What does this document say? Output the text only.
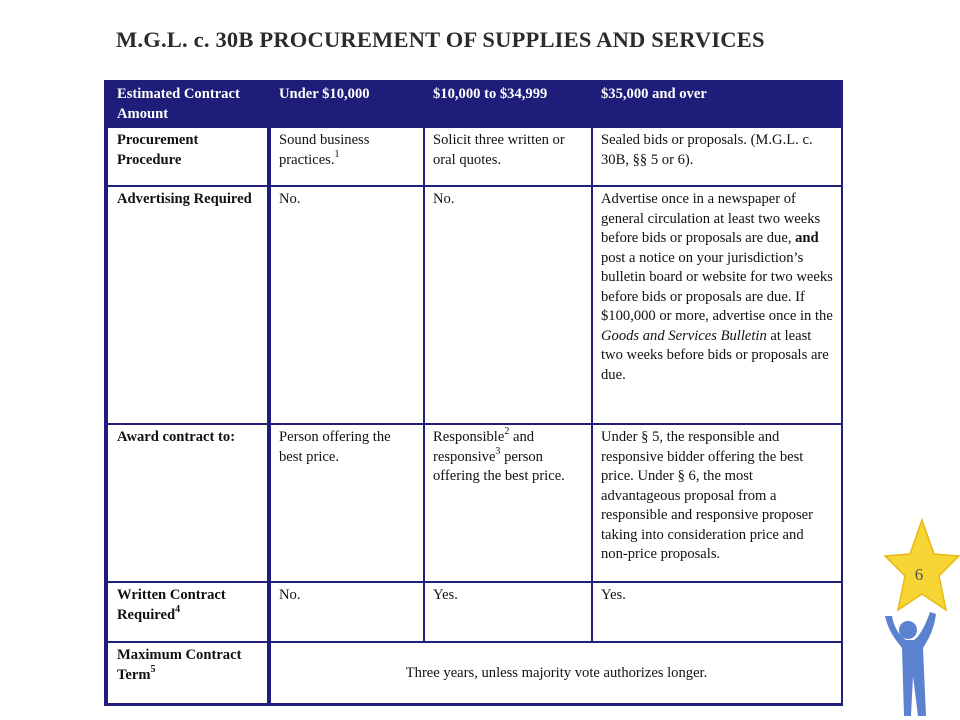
M.G.L. c. 30B PROCUREMENT OF SUPPLIES AND SERVICES
Estimated Contract Amount	Under $10,000	$10,000 to $34,999	$35,000 and over
Procurement Procedure	Sound business practices.$^1$	Solicit three written or oral quotes.	Sealed bids or proposals. (M.G.L. c. 30B, §§ 5 or 6).
Advertising Required	No.	No.	Advertise once in a newspaper of general circulation at least two weeks before bids or proposals are due, and post a notice on your jurisdiction’s bulletin board or website for two weeks before bids or proposals are due. If $100,000 or more, advertise once in the Goods and Services Bulletin at least two weeks before bids or proposals are due.
Award contract to:	Person offering the best price.	Responsible$^2$ and responsive$^3$ person offering the best price.	Under § 5, the responsible and responsive bidder offering the best price. Under § 6, the most advantageous proposal from a responsible and responsive proposer taking into consideration price and non-price proposals.
Written Contract Required$^4$	No.	Yes.	Yes.
Maximum Contract Term$^5$	Three years, unless majority vote authorizes longer.		
6
